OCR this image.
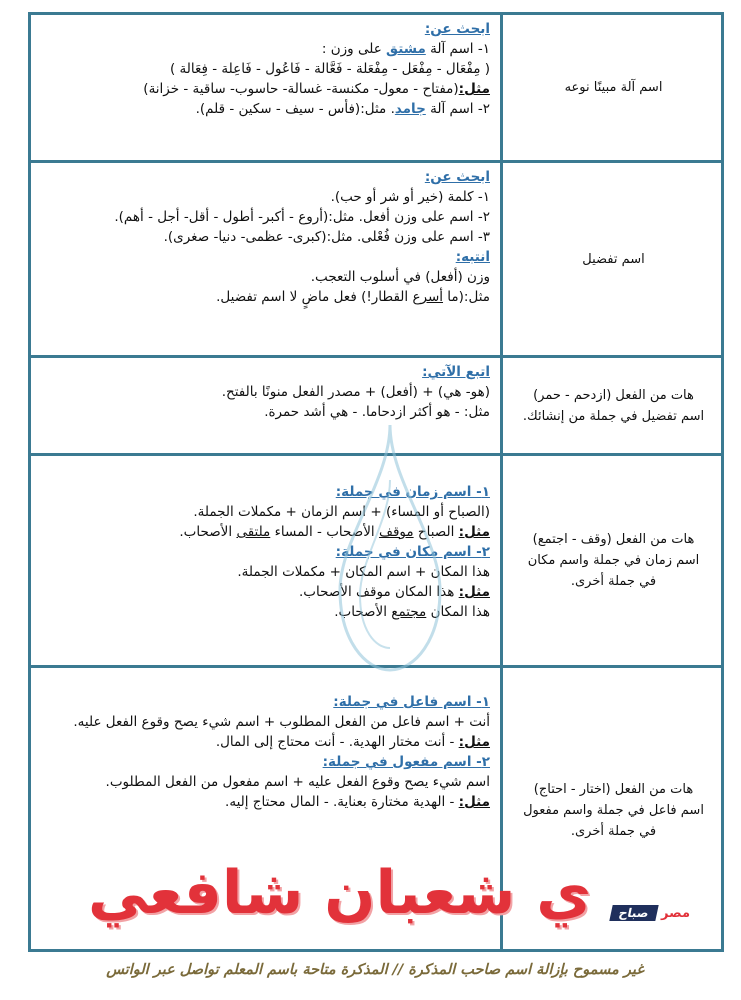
اسم آلة مبينًا نوعه
ابحث عن:
١- اسم آلة مشتق على وزن :
( مِفْعَال - مِفْعَل - مِفْعَلة - فَعَّالة - فَاعُول - فَاعِلة - فِعَالة )
مثل:(مفتاح - معول- مكنسة- غسالة- حاسوب- ساقية - خزانة)
٢- اسم آلة جامد. مثل:(فأس - سيف - سكين - قلم).
اسم تفضيل
ابحث عن:
١- كلمة (خير أو شر أو حب).
٢- اسم على وزن أفعل. مثل:(أروع - أكبر- أطول - أقل- أجل - أهم).
٣- اسم على وزن فُعْلى. مثل:(كبرى- عظمى- دنيا- صغرى).
انتبه:
وزن (أفعل) في أسلوب التعجب.
مثل:(ما أسرع القطار!) فعل ماضٍ لا اسم تفضيل.
هات من الفعل (ازدحم - حمر)
اسم تفضيل في جملة من إنشائك.
اتبع الآتي:
(هو- هي) + (أفعل) + مصدر الفعل منونًا بالفتح.
مثل: - هو أكثر ازدحاما. - هي أشد حمرة.
هات من الفعل (وقف - اجتمع)
اسم زمان في جملة واسم مكان
في جملة أخرى.
١- اسم زمان في جملة:
(الصباح أو المساء) + اسم الزمان + مكملات الجملة.
مثل: الصباح موقف الأصحاب - المساء ملتقى الأصحاب.
٢- اسم مكان في جملة:
هذا المكان + اسم المكان + مكملات الجملة.
مثل: هذا المكان موقف الأصحاب.
هذا المكان مجتمع الأصحاب.
هات من الفعل (اختار - احتاج)
اسم فاعل في جملة واسم مفعول
في جملة أخرى.
١- اسم فاعل في جملة:
أنت + اسم فاعل من الفعل المطلوب + اسم شيء يصح وقوع الفعل عليه.
مثل: - أنت مختار الهدية. - أنت محتاج إلى المال.
٢- اسم مفعول في جملة:
اسم شيء يصح وقوع الفعل عليه + اسم مفعول من الفعل المطلوب.
مثل: - الهدية مختارة بعناية. - المال محتاج إليه.
ي شعبان شافعي	مصر
صباح
غير مسموح بإزالة اسم صاحب المذكرة // المذكرة متاحة باسم المعلم تواصل عبر الواتس
